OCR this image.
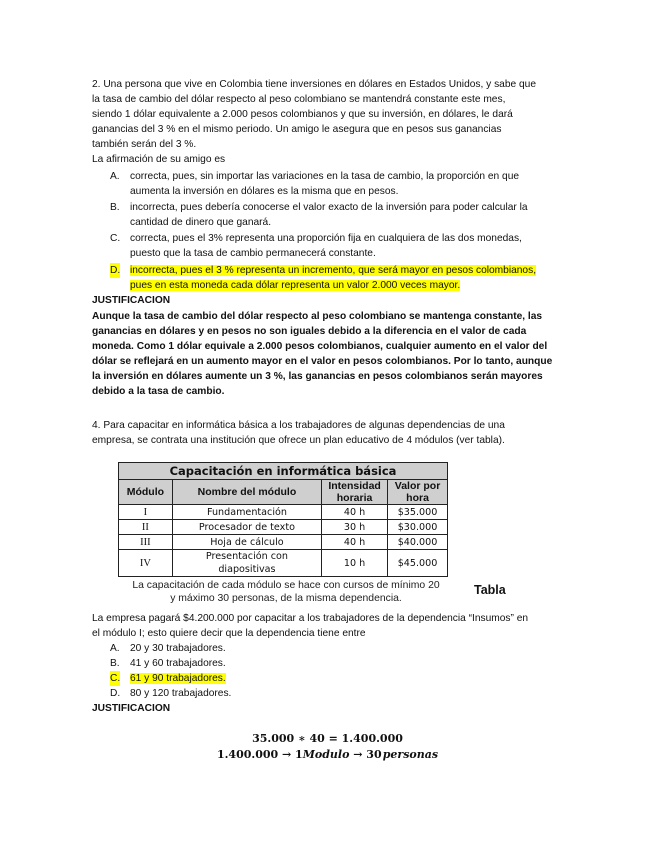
2. Una persona que vive en Colombia tiene inversiones en dólares en Estados Unidos, y sabe que
la tasa de cambio del dólar respecto al peso colombiano se mantendrá constante este mes,
siendo 1 dólar equivalente a 2.000 pesos colombianos y que su inversión, en dólares, le dará
ganancias del 3 % en el mismo periodo. Un amigo le asegura que en pesos sus ganancias
también serán del 3 %.
La afirmación de su amigo es
A. correcta, pues, sin importar las variaciones en la tasa de cambio, la proporción en que
aumenta la inversión en dólares es la misma que en pesos.
B. incorrecta, pues debería conocerse el valor exacto de la inversión para poder calcular la
cantidad de dinero que ganará.
C. correcta, pues el 3% representa una proporción fija en cualquiera de las dos monedas,
puesto que la tasa de cambio permanecerá constante.
D. incorrecta, pues el 3 % representa un incremento, que será mayor en pesos colombianos,
pues en esta moneda cada dólar representa un valor 2.000 veces mayor.
JUSTIFICACION
Aunque la tasa de cambio del dólar respecto al peso colombiano se mantenga constante, las
ganancias en dólares y en pesos no son iguales debido a la diferencia en el valor de cada
moneda. Como 1 dólar equivale a 2.000 pesos colombianos, cualquier aumento en el valor del
dólar se reflejará en un aumento mayor en el valor en pesos colombianos. Por lo tanto, aunque
la inversión en dólares aumente un 3 %, las ganancias en pesos colombianos serán mayores
debido a la tasa de cambio.
4. Para capacitar en informática básica a los trabajadores de algunas dependencias de una
empresa, se contrata una institución que ofrece un plan educativo de 4 módulos (ver tabla).
Capacitación en informática básica			
Módulo	Nombre del módulo	Intensidad horaria	Valor por hora
I	Fundamentación	40 h	$35.000
II	Procesador de texto	30 h	$30.000
III	Hoja de cálculo	40 h	$40.000
IV	Presentación con diapositivas	10 h	$45.000
La capacitación de cada módulo se hace con cursos de mínimo 20
y máximo 30 personas, de la misma dependencia.
Tabla
La empresa pagará $4.200.000 por capacitar a los trabajadores de la dependencia “Insumos” en
el módulo I; esto quiere decir que la dependencia tiene entre
A. 20 y 30 trabajadores.
B. 41 y 60 trabajadores.
C. 61 y 90 trabajadores.
D. 80 y 120 trabajadores.
JUSTIFICACION
35.000 ∗ 40 = 1.400.000
1.400.000 → 1Modulo → 30 personas
